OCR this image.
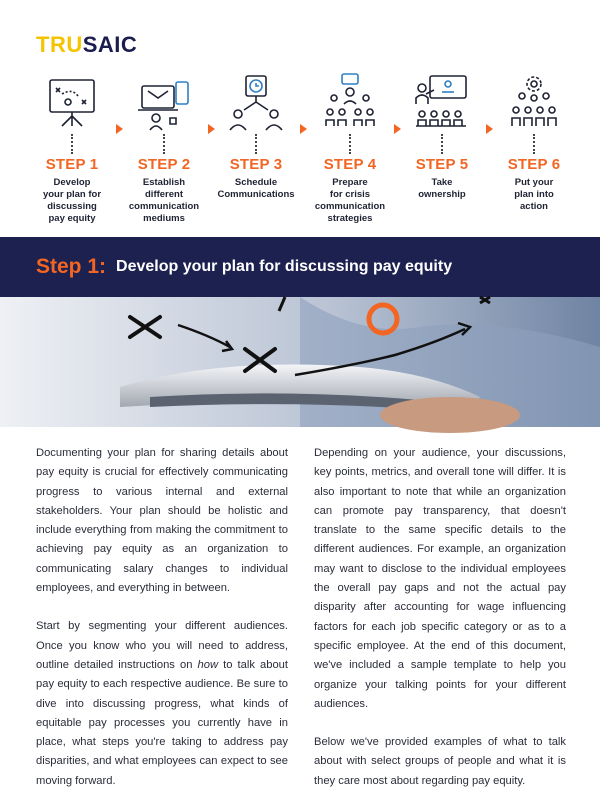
TRUSAIC
STEP 1
Develop
your plan for
discussing
pay equity
STEP 2
Establish
different
communication
mediums
STEP 3
Schedule
Communications
STEP 4
Prepare
for crisis
communication
strategies
STEP 5
Take
ownership
STEP 6
Put your
plan into
action
Step 1: Develop your plan for discussing pay equity

Documenting your plan for sharing details about pay equity is crucial for effectively communicating progress to various internal and external stakeholders. Your plan should be holistic and include everything from making the commitment to achieving pay equity as an organization to communicating salary changes to individual employees, and everything in between.

Start by segmenting your different audiences. Once you know who you will need to address, outline detailed instructions on how to talk about pay equity to each respective audience. Be sure to dive into discussing progress, what kinds of equitable pay processes you currently have in place, what steps you're taking to address pay disparities, and what employees can expect to see moving forward.

Depending on your audience, your discussions, key points, metrics, and overall tone will differ. It is also important to note that while an organization can promote pay transparency, that doesn't translate to the same specific details to the different audiences. For example, an organization may want to disclose to the individual employees the overall pay gaps and not the actual pay disparity after accounting for wage influencing factors for each job specific category or as to a specific employee. At the end of this document, we've included a sample template to help you organize your talking points for your different audiences.

Below we've provided examples of what to talk about with select groups of people and what it is they care most about regarding pay equity.
